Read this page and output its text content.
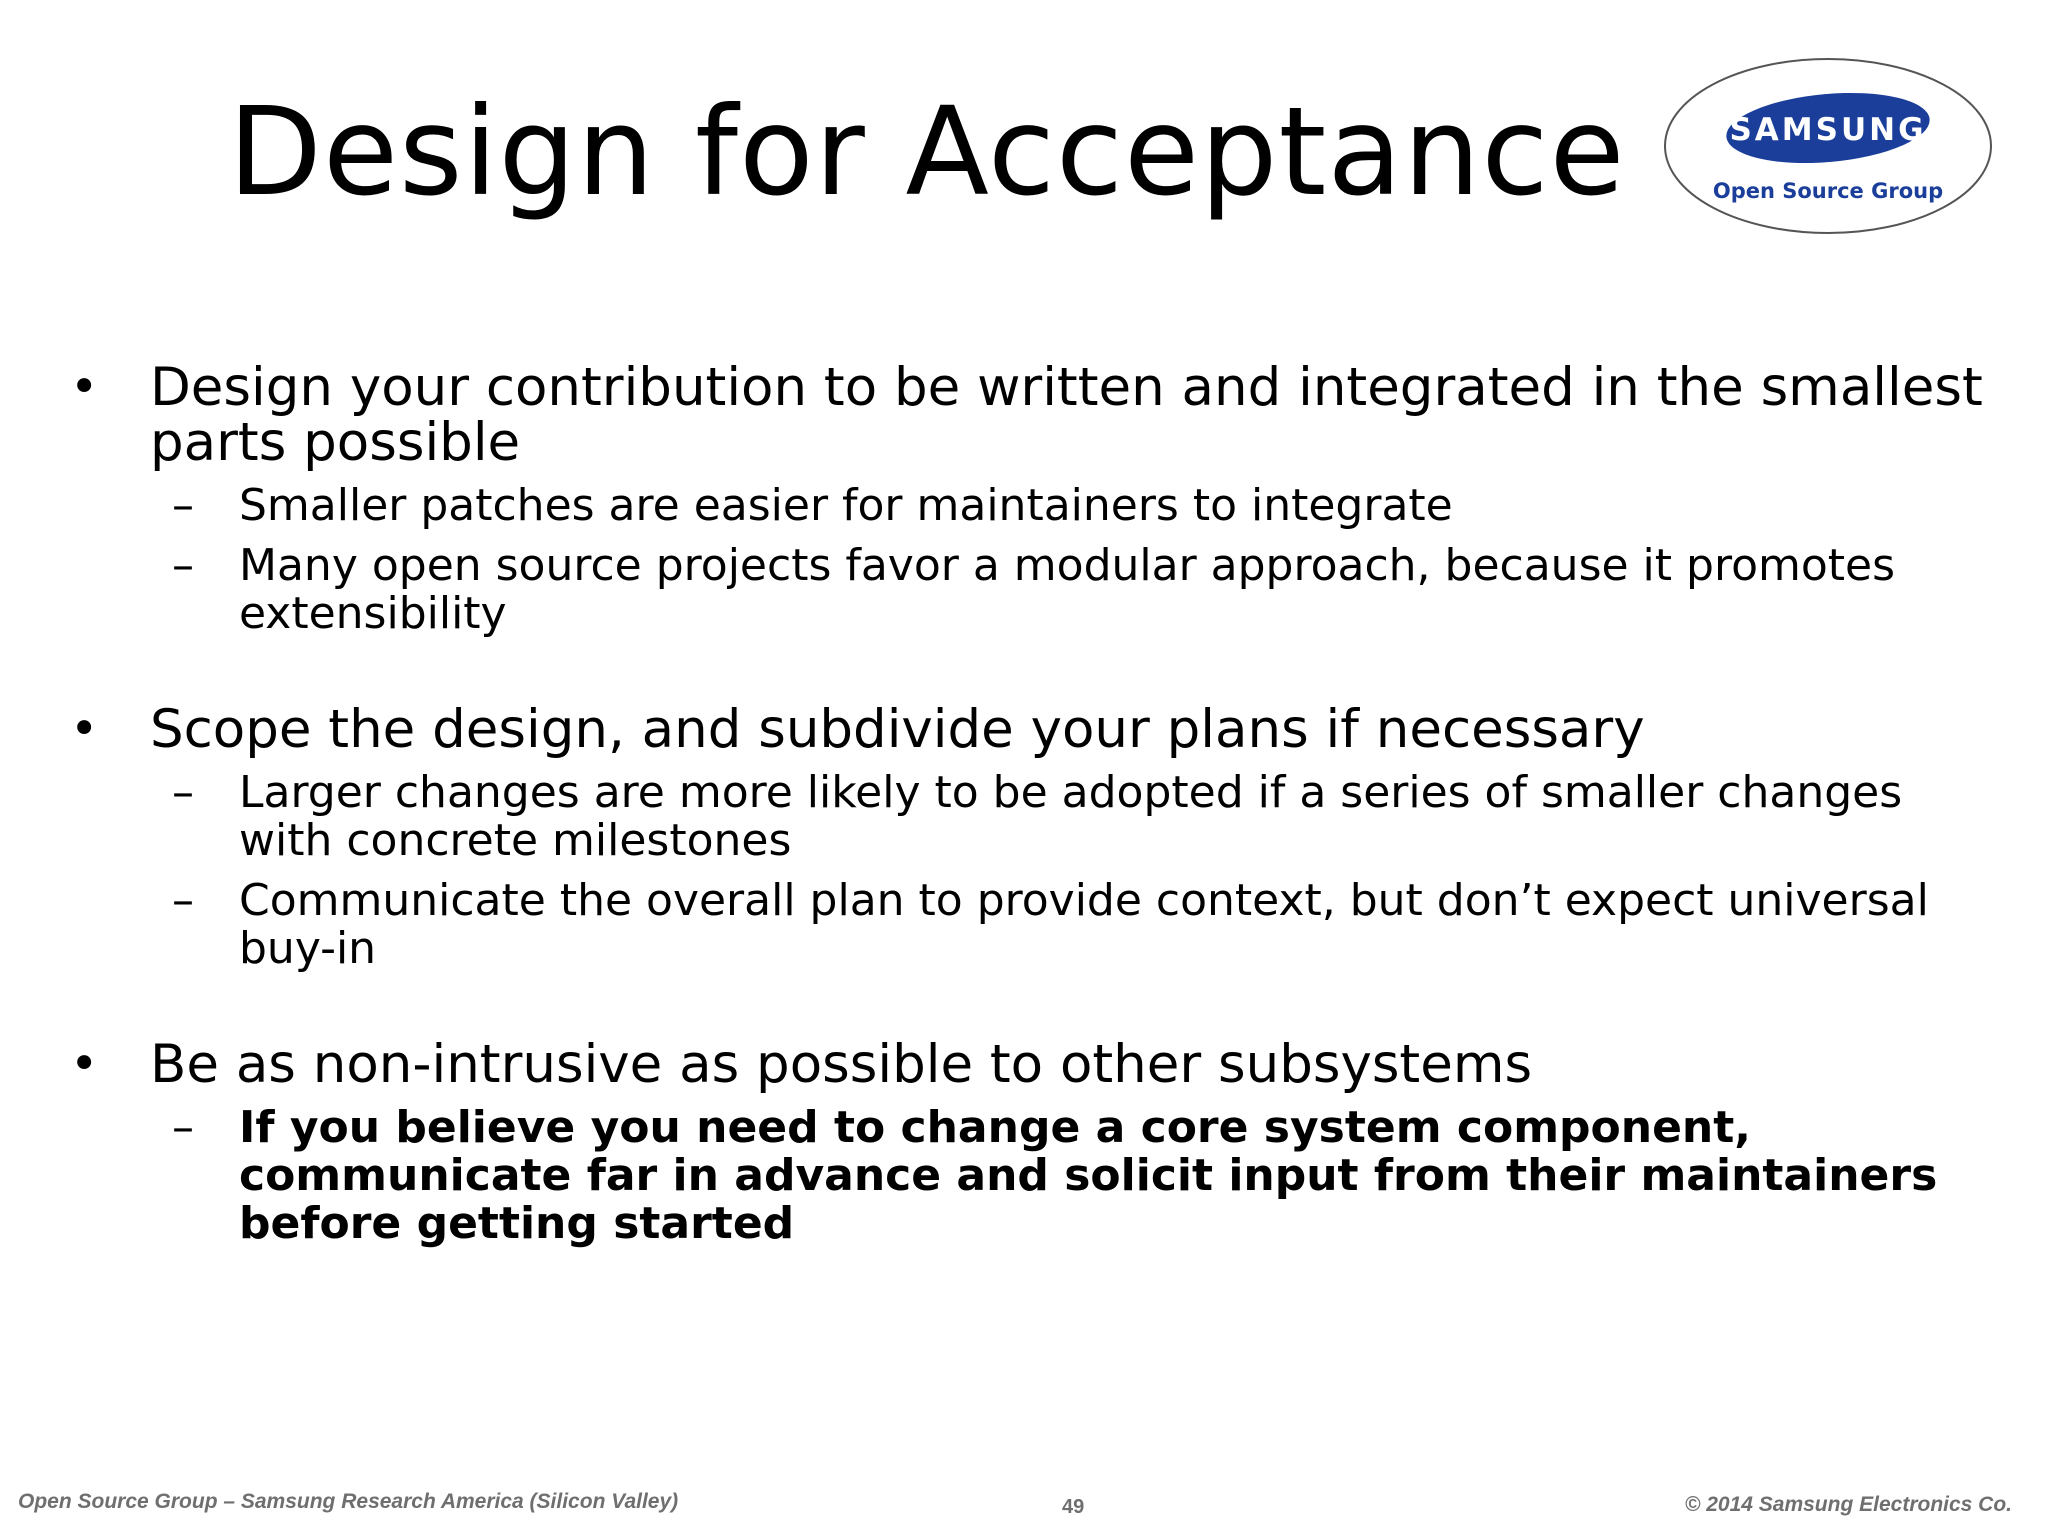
Design for Acceptance	SAMSUNG
Open Source Group
• Design your contribution to be written and integrated in the smallest parts possible
– Smaller patches are easier for maintainers to integrate
– Many open source projects favor a modular approach, because it promotes extensibility
• Scope the design, and subdivide your plans if necessary
– Larger changes are more likely to be adopted if a series of smaller changes with concrete milestones
– Communicate the overall plan to provide context, but don’t expect universal buy-in
• Be as non-intrusive as possible to other subsystems
– If you believe you need to change a core system component, communicate far in advance and solicit input from their maintainers before getting started
Open Source Group – Samsung Research America (Silicon Valley)	49	© 2014 Samsung Electronics Co.
